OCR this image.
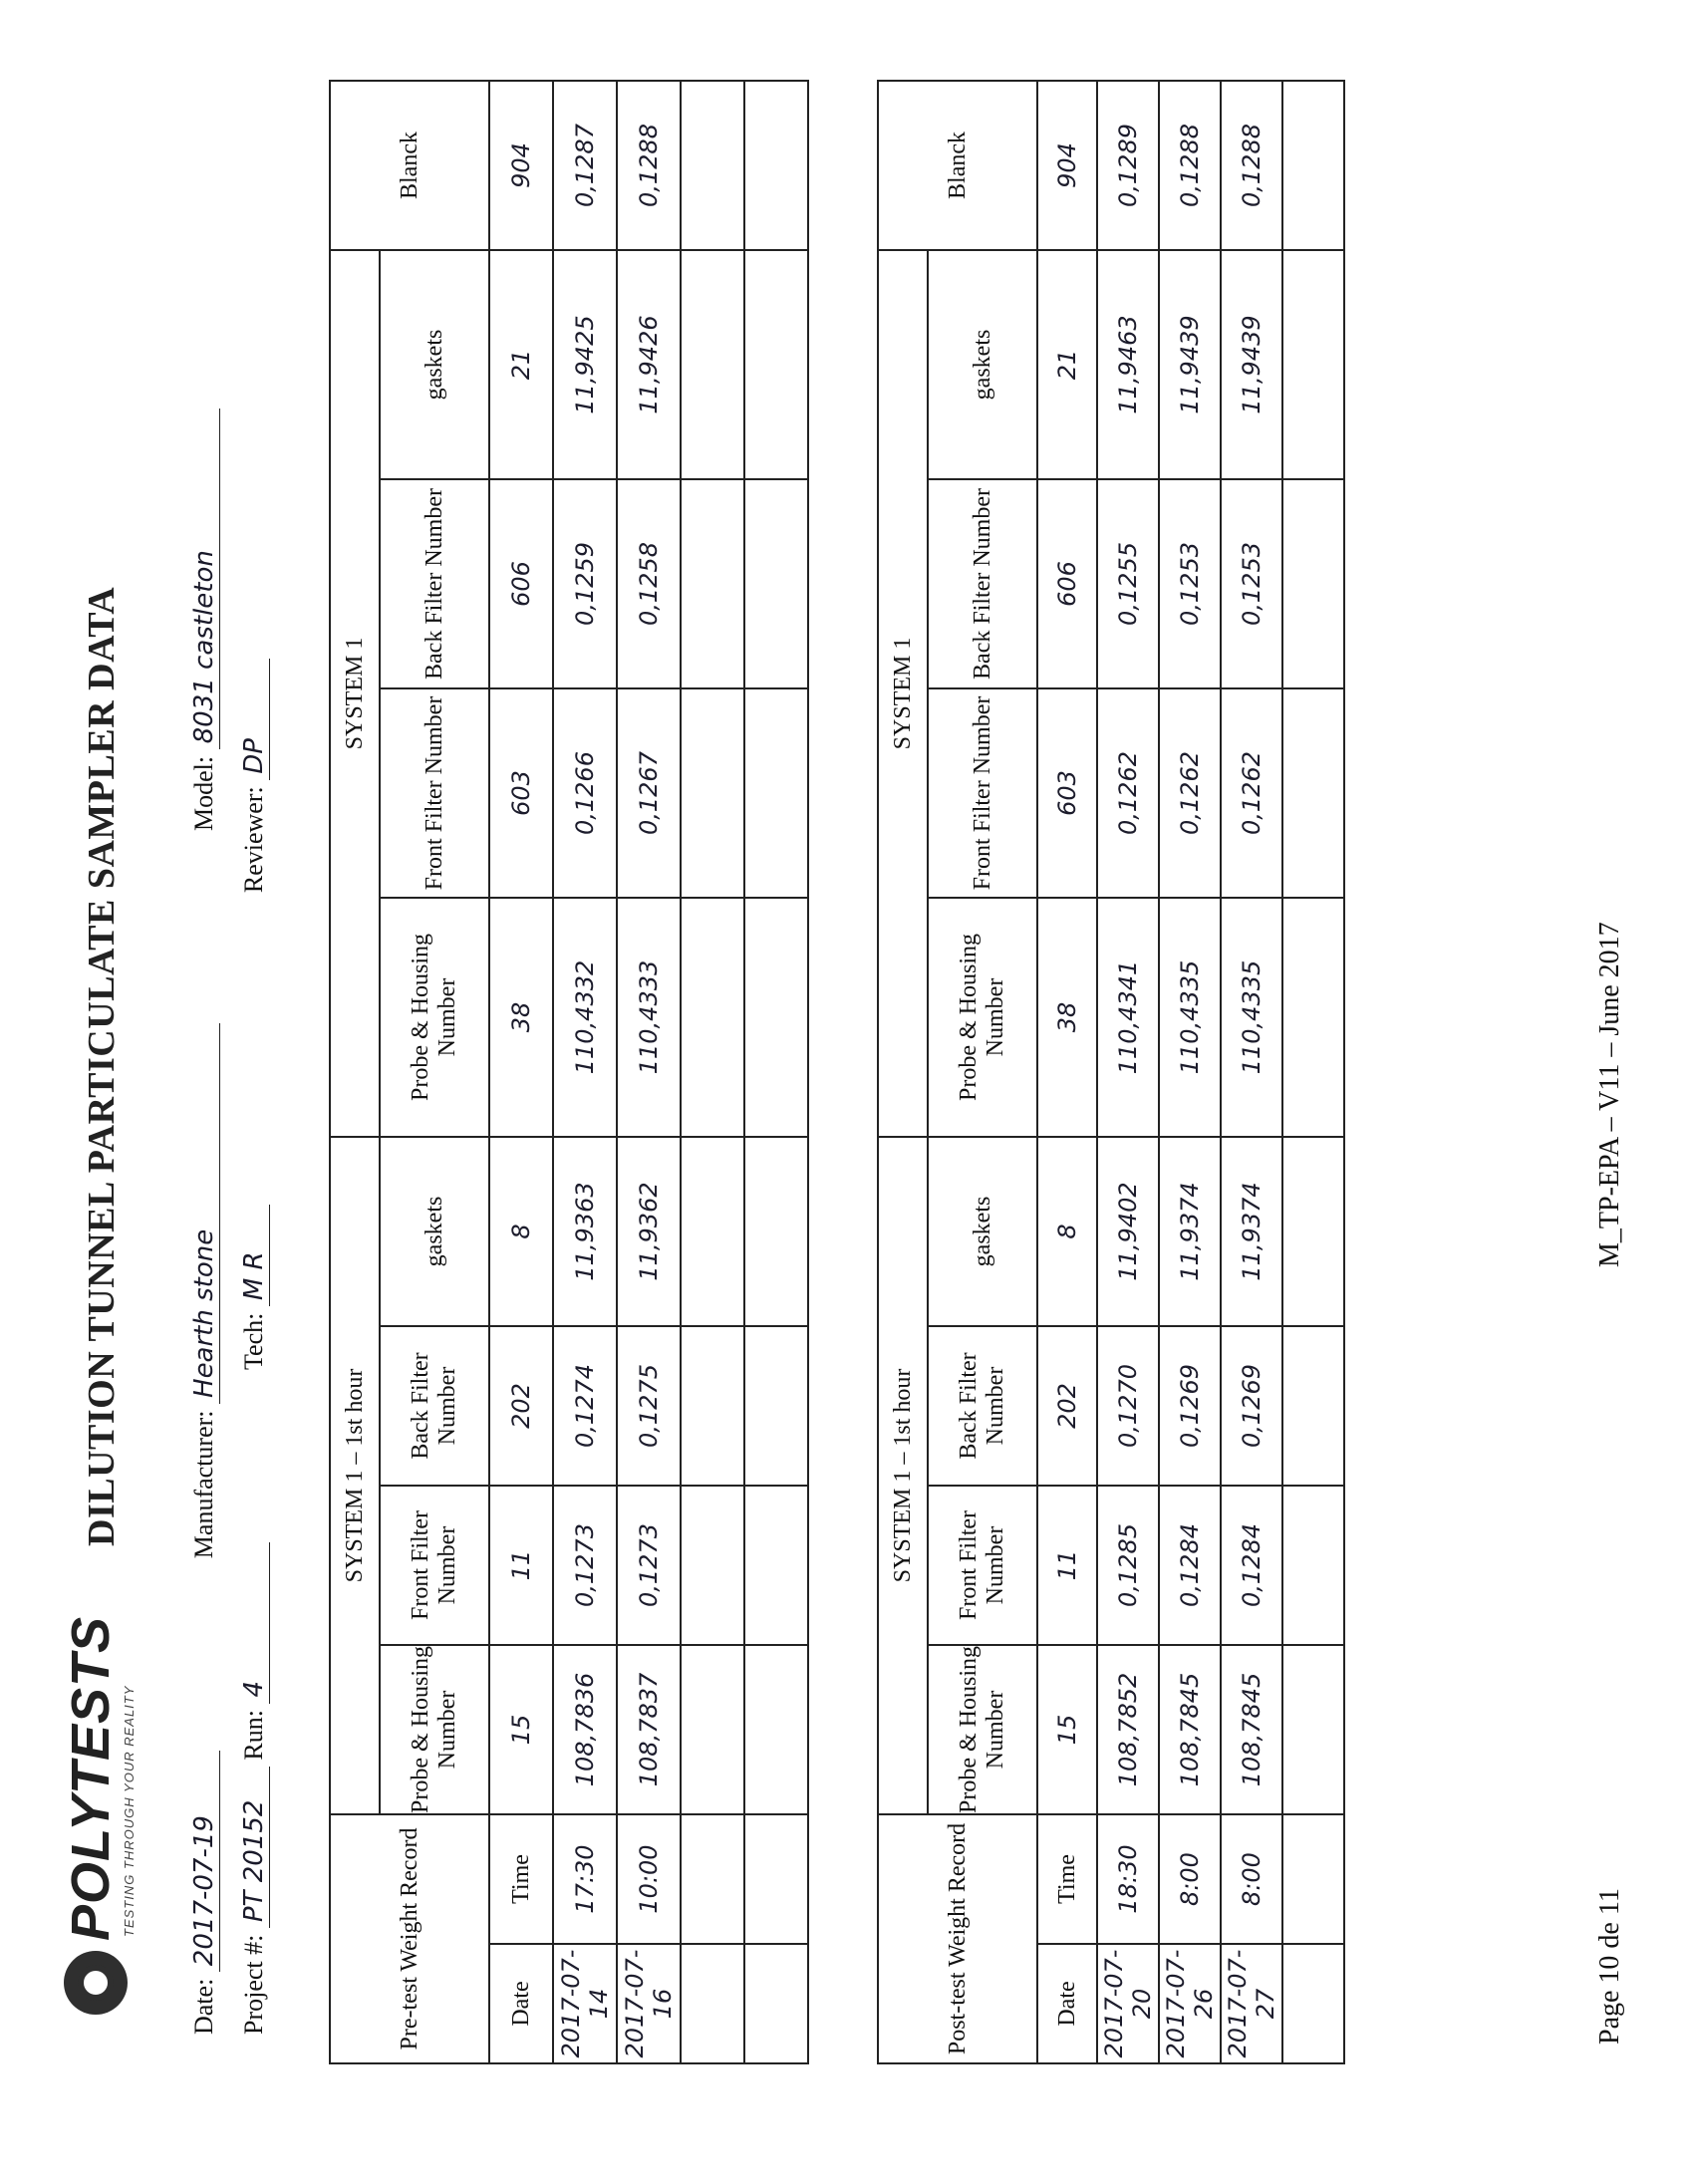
POLYTESTS TESTING THROUGH YOUR REALITY
DILUTION TUNNEL PARTICULATE SAMPLER DATA
Date: 2017-07-19  Manufacturer: Hearth stone  Model: 8031 castleton
Project #: PT 20152 Run: 4  Tech: M R  Reviewer: DP
Pre-test Weight Record		SYSTEM 1 – 1st hour				SYSTEM 1				Blanck
		Probe & Housing Number	Front Filter Number	Back Filter Number	gaskets	Probe & Housing Number	Front Filter Number	Back Filter Number	gaskets	
Date	Time	15	11	202	8	38	603	606	21	904
2017-07-14	17:30	108,7836	0,1273	0,1274	11,9363	110,4332	0,1266	0,1259	11,9425	0,1287
2017-07-16	10:00	108,7837	0,1273	0,1275	11,9362	110,4333	0,1267	0,1258	11,9426	0,1288

Post-test Weight Record		SYSTEM 1 – 1st hour				SYSTEM 1				Blanck
		Probe & Housing Number	Front Filter Number	Back Filter Number	gaskets	Probe & Housing Number	Front Filter Number	Back Filter Number	gaskets	
Date	Time	15	11	202	8	38	603	606	21	904
2017-07-20	18:30	108,7852	0,1285	0,1270	11,9402	110,4341	0,1262	0,1255	11,9463	0,1289
2017-07-26	8:00	108,7845	0,1284	0,1269	11,9374	110,4335	0,1262	0,1253	11,9439	0,1288
2017-07-27	8:00	108,7845	0,1284	0,1269	11,9374	110,4335	0,1262	0,1253	11,9439	0,1288

Page 10 de 11
M_TP-EPA – V11 – June 2017
